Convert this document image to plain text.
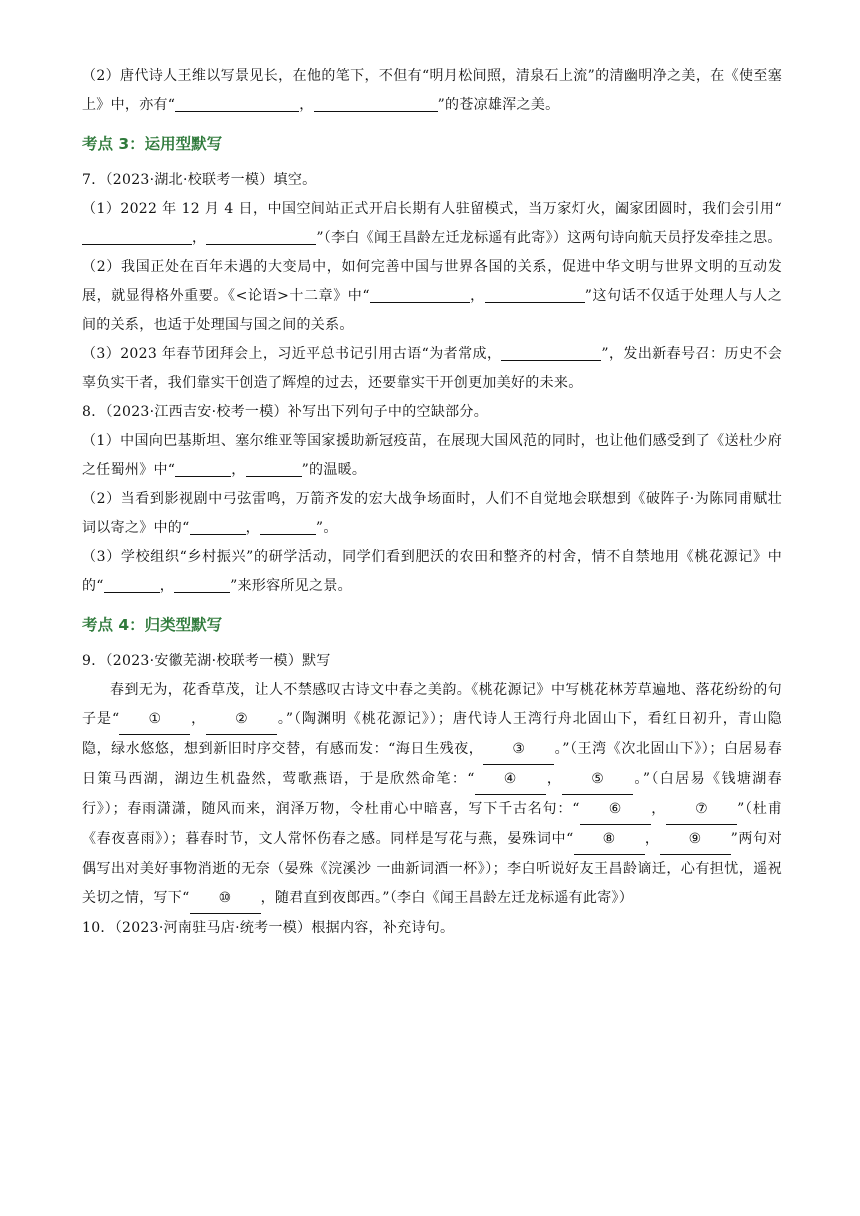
（2）唐代诗人王维以写景见长，在他的笔下，不但有“明月松间照，清泉石上流”的清幽明净之美，在《使至塞上》中，亦有“	，	”的苍凉雄浑之美。

考点 3：运用型默写

7．（2023·湖北·校联考一模）填空。

（1）2022 年 12 月 4 日，中国空间站正式开启长期有人驻留模式，当万家灯火，阖家团圆时，我们会引用“，	”（李白《闻王昌龄左迁龙标遥有此寄》）这两句诗向航天员抒发牵挂之思。

（2）我国正处在百年未遇的大变局中，如何完善中国与世界各国的关系，促进中华文明与世界文明的互动发展，就显得格外重要。《<论语>十二章》中“	，	”这句话不仅适于处理人与人之间的关系，也适于处理国与国之间的关系。

（3）2023 年春节团拜会上，习近平总书记引用古语“为者常成，	”，发出新春号召：历史不会辜负实干者，我们靠实干创造了辉煌的过去，还要靠实干开创更加美好的未来。

8．（2023·江西吉安·校考一模）补写出下列句子中的空缺部分。

（1）中国向巴基斯坦、塞尔维亚等国家援助新冠疫苗，在展现大国风范的同时，也让他们感受到了《送杜少府之任蜀州》中“	，	”的温暖。

（2）当看到影视剧中弓弦雷鸣，万箭齐发的宏大战争场面时，人们不自觉地会联想到《破阵子·为陈同甫赋壮词以寄之》中的“	，	”。

（3）学校组织“乡村振兴”的研学活动，同学们看到肥沃的农田和整齐的村舍，情不自禁地用《桃花源记》中的“	，	”来形容所见之景。

考点 4：归类型默写

9．（2023·安徽芜湖·校联考一模）默写

春到无为，花香草茂，让人不禁感叹古诗文中春之美韵。《桃花源记》中写桃花林芳草遍地、落花纷纷的句子是“ ① ， ② 。”（陶渊明《桃花源记》）；唐代诗人王湾行舟北固山下，看红日初升，青山隐隐，绿水悠悠，想到新旧时序交替，有感而发：“海日生残夜， ③ 。”（王湾《次北固山下》）；白居易春日策马西湖，湖边生机盎然，莺歌燕语，于是欣然命笔：“ ④ ， ⑤ 。”（白居易《钱塘湖春行》）；春雨潇潇，随风而来，润泽万物，令杜甫心中暗喜，写下千古名句：“ ⑥ ， ⑦ ”（杜甫《春夜喜雨》）；暮春时节，文人常怀伤春之感。同样是写花与燕，晏殊词中“ ⑧ ， ⑨ ”两句对偶写出对美好事物消逝的无奈（晏殊《浣溪沙 一曲新词酒一杯》）；李白听说好友王昌龄谪迁，心有担忧，遥祝关切之情，写下“ ⑩ ，随君直到夜郎西。”（李白《闻王昌龄左迁龙标遥有此寄》）

10．（2023·河南驻马店·统考一模）根据内容，补充诗句。
